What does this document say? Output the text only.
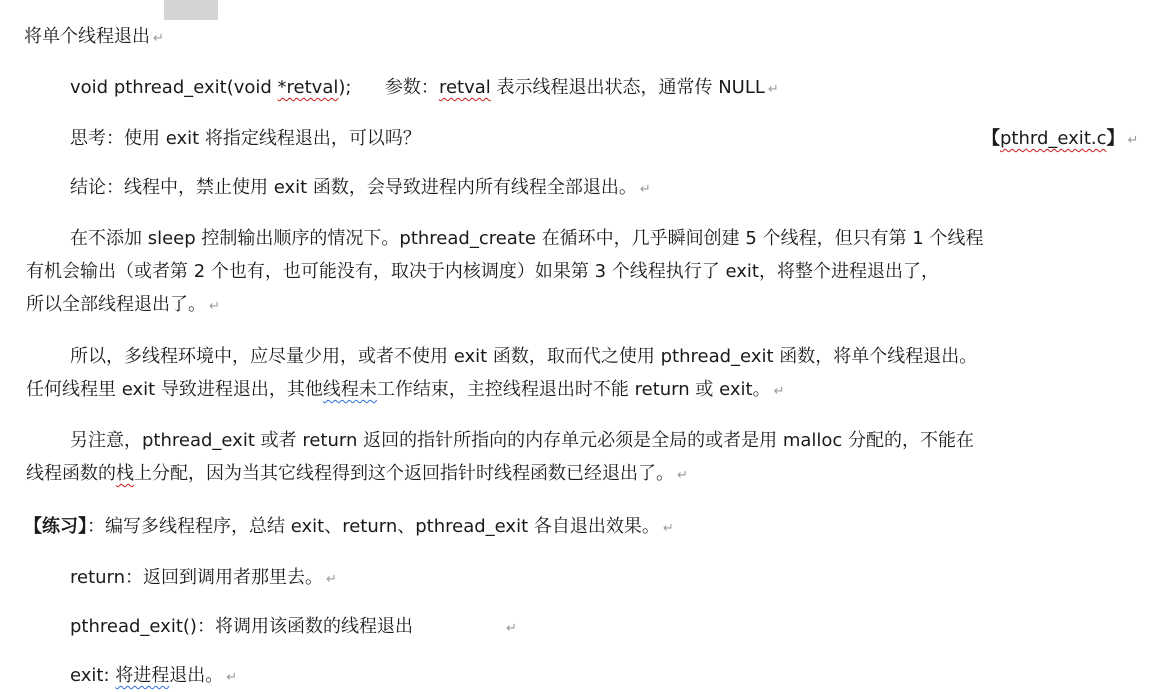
将单个线程退出 ↵
void pthread_exit(void *retval); 参数：retval 表示线程退出状态，通常传 NULL ↵
思考：使用 exit 将指定线程退出，可以吗？	【pthrd_exit.c】 ↵
结论：线程中，禁止使用 exit 函数，会导致进程内所有线程全部退出。 ↵
在不添加 sleep 控制输出顺序的情况下。pthread_create 在循环中，几乎瞬间创建 5 个线程，但只有第 1 个线程
有机会输出（或者第 2 个也有，也可能没有，取决于内核调度）如果第 3 个线程执行了 exit，将整个进程退出了，
所以全部线程退出了。 ↵
所以，多线程环境中，应尽量少用，或者不使用 exit 函数，取而代之使用 pthread_exit 函数，将单个线程退出。
任何线程里 exit 导致进程退出，其他线程未工作结束，主控线程退出时不能 return 或 exit。 ↵
另注意，pthread_exit 或者 return 返回的指针所指向的内存单元必须是全局的或者是用 malloc 分配的，不能在
线程函数的栈上分配，因为当其它线程得到这个返回指针时线程函数已经退出了。 ↵
【练习】：编写多线程程序，总结 exit、return、pthread_exit 各自退出效果。 ↵
return：返回到调用者那里去。 ↵
pthread_exit()：将调用该函数的线程退出	↵
exit: 将进程退出。 ↵
